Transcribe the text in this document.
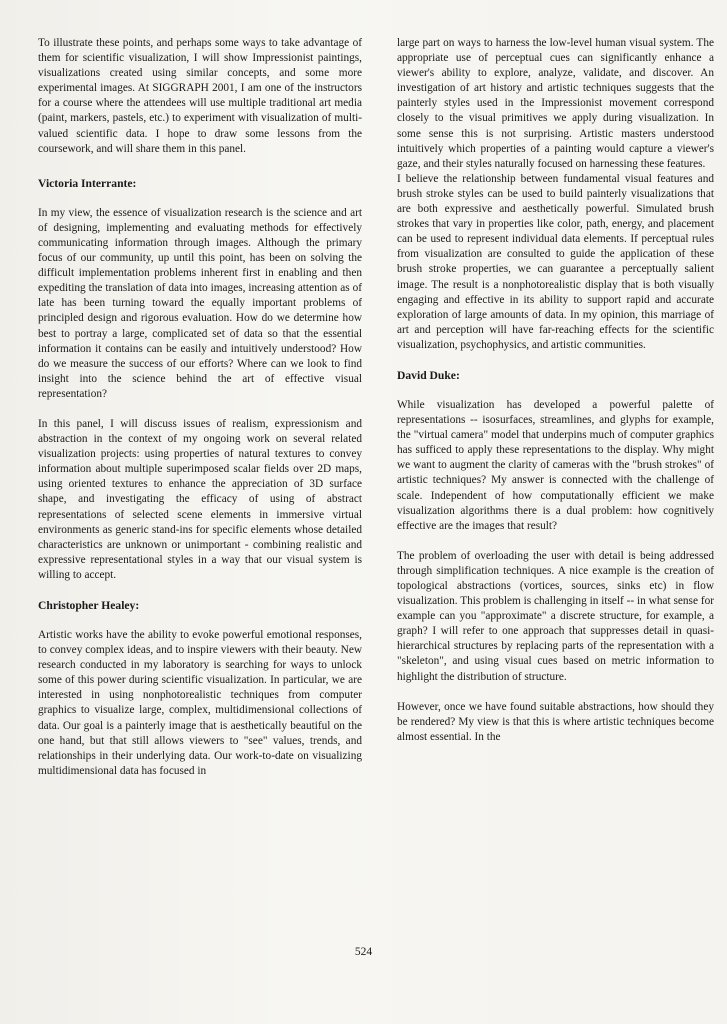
To illustrate these points, and perhaps some ways to take advantage of them for scientific visualization, I will show Impressionist paintings, visualizations created using similar concepts, and some more experimental images. At SIGGRAPH 2001, I am one of the instructors for a course where the attendees will use multiple traditional art media (paint, markers, pastels, etc.) to experiment with visualization of multi-valued scientific data. I hope to draw some lessons from the coursework, and will share them in this panel.

Victoria Interrante:

In my view, the essence of visualization research is the science and art of designing, implementing and evaluating methods for effectively communicating information through images. Although the primary focus of our community, up until this point, has been on solving the difficult implementation problems inherent first in enabling and then expediting the translation of data into images, increasing attention as of late has been turning toward the equally important problems of principled design and rigorous evaluation. How do we determine how best to portray a large, complicated set of data so that the essential information it contains can be easily and intuitively understood? How do we measure the success of our efforts? Where can we look to find insight into the science behind the art of effective visual representation?

In this panel, I will discuss issues of realism, expressionism and abstraction in the context of my ongoing work on several related visualization projects: using properties of natural textures to convey information about multiple superimposed scalar fields over 2D maps, using oriented textures to enhance the appreciation of 3D surface shape, and investigating the efficacy of using of abstract representations of selected scene elements in immersive virtual environments as generic stand-ins for specific elements whose detailed characteristics are unknown or unimportant - combining realistic and expressive representational styles in a way that our visual system is willing to accept.

Christopher Healey:

Artistic works have the ability to evoke powerful emotional responses, to convey complex ideas, and to inspire viewers with their beauty. New research conducted in my laboratory is searching for ways to unlock some of this power during scientific visualization. In particular, we are interested in using nonphotorealistic techniques from computer graphics to visualize large, complex, multidimensional collections of data. Our goal is a painterly image that is aesthetically beautiful on the one hand, but that still allows viewers to "see" values, trends, and relationships in their underlying data. Our work-to-date on visualizing multidimensional data has focused in

large part on ways to harness the low-level human visual system. The appropriate use of perceptual cues can significantly enhance a viewer's ability to explore, analyze, validate, and discover. An investigation of art history and artistic techniques suggests that the painterly styles used in the Impressionist movement correspond closely to the visual primitives we apply during visualization. In some sense this is not surprising. Artistic masters understood intuitively which properties of a painting would capture a viewer's gaze, and their styles naturally focused on harnessing these features.

I believe the relationship between fundamental visual features and brush stroke styles can be used to build painterly visualizations that are both expressive and aesthetically powerful. Simulated brush strokes that vary in properties like color, path, energy, and placement can be used to represent individual data elements. If perceptual rules from visualization are consulted to guide the application of these brush stroke properties, we can guarantee a perceptually salient image. The result is a nonphotorealistic display that is both visually engaging and effective in its ability to support rapid and accurate exploration of large amounts of data. In my opinion, this marriage of art and perception will have far-reaching effects for the scientific visualization, psychophysics, and artistic communities.

David Duke:

While visualization has developed a powerful palette of representations -- isosurfaces, streamlines, and glyphs for example, the "virtual camera" model that underpins much of computer graphics has sufficed to apply these representations to the display. Why might we want to augment the clarity of cameras with the "brush strokes" of artistic techniques? My answer is connected with the challenge of scale. Independent of how computationally efficient we make visualization algorithms there is a dual problem: how cognitively effective are the images that result?

The problem of overloading the user with detail is being addressed through simplification techniques. A nice example is the creation of topological abstractions (vortices, sources, sinks etc) in flow visualization. This problem is challenging in itself -- in what sense for example can you "approximate" a discrete structure, for example, a graph? I will refer to one approach that suppresses detail in quasi-hierarchical structures by replacing parts of the representation with a "skeleton", and using visual cues based on metric information to highlight the distribution of structure.

However, once we have found suitable abstractions, how should they be rendered? My view is that this is where artistic techniques become almost essential. In the

524
